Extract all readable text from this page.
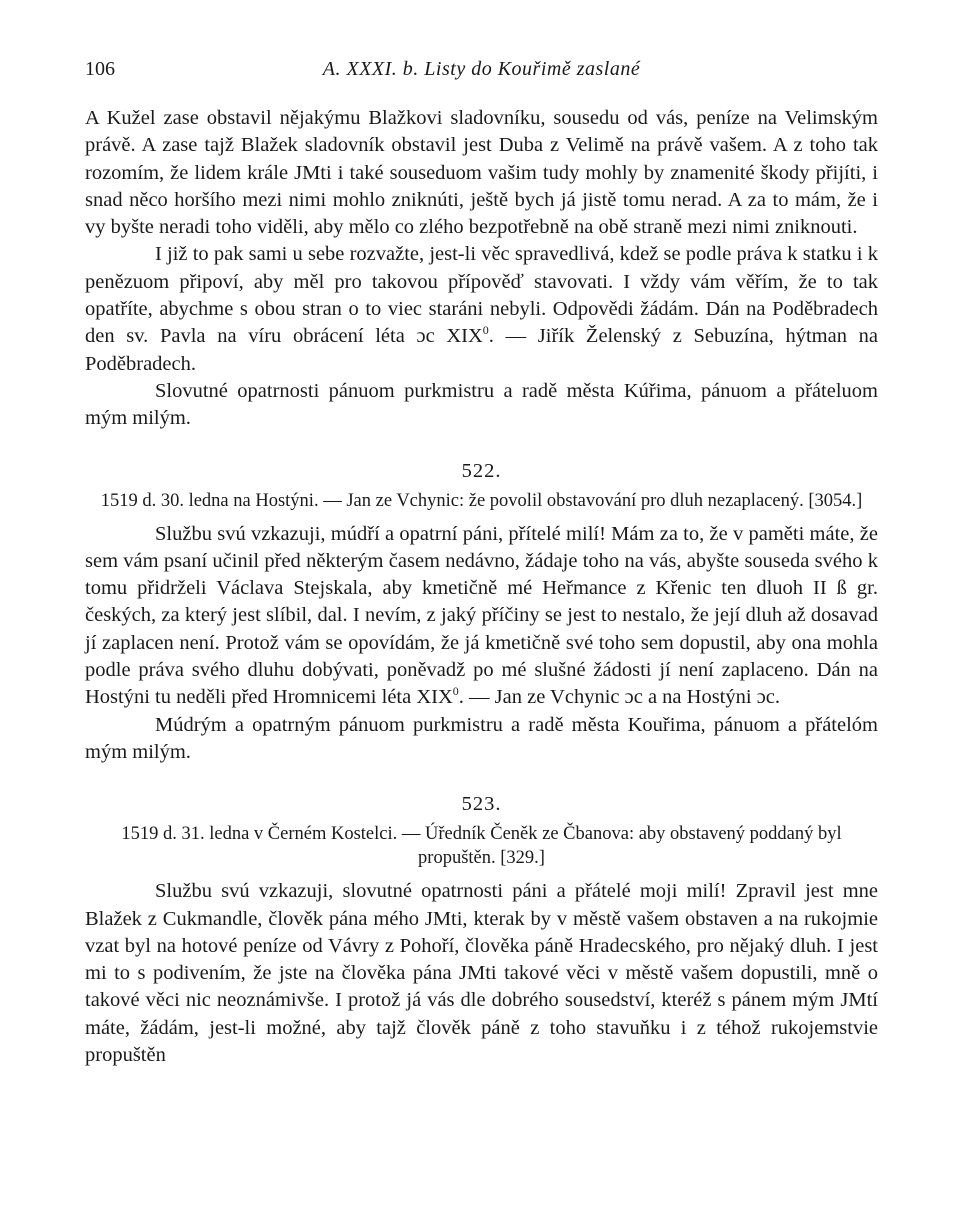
106	A. XXXI. b. Listy do Kouřimě zaslané

A Kužel zase obstavil nějakýmu Blažkovi sladovníku, sousedu od vás, peníze na Velimským právě. A zase tajž Blažek sladovník obstavil jest Duba z Velimě na právě vašem. A z toho tak rozomím, že lidem krále JMti i také souseduom vašim tudy mohly by znamenité škody přijíti, i snad něco horšího mezi nimi mohlo zniknúti, ještě bych já jistě tomu nerad. A za to mám, že i vy byšte neradi toho viděli, aby mělo co zlého bezpotřebně na obě straně mezi nimi zniknouti.

I již to pak sami u sebe rozvažte, jest-li věc spravedlivá, kdež se podle práva k statku i k penězuom připoví, aby měl pro takovou přípověď stavovati. I vždy vám věřím, že to tak opatříte, abychme s obou stran o to viec staráni nebyli. Odpovědi žádám. Dán na Poděbradech den sv. Pavla na víru obrácení léta ɔc XIX$^0$. — Jiřík Želenský z Sebuzína, hýtman na Poděbradech.

Slovutné opatrnosti pánuom purkmistru a radě města Kúřima, pánuom a přáteluom mým milým.

522.
1519 d. 30. ledna na Hostýni. — Jan ze Vchynic: že povolil obstavování pro dluh nezaplacený. [3054.]

Službu svú vzkazuji, múdří a opatrní páni, přítelé milí! Mám za to, že v paměti máte, že sem vám psaní učinil před některým časem nedávno, žádaje toho na vás, abyšte souseda svého k tomu přidrželi Václava Stejskala, aby kmetičně mé Heřmance z Křenic ten dluoh II ß gr. českých, za který jest slíbil, dal. I nevím, z jaký příčiny se jest to nestalo, že její dluh až dosavad jí zaplacen není. Protož vám se opovídám, že já kmetičně své toho sem dopustil, aby ona mohla podle práva svého dluhu dobývati, poněvadž po mé slušné žádosti jí není zaplaceno. Dán na Hostýni tu neděli před Hromnicemi léta XIX$^0$. — Jan ze Vchynic ɔc a na Hostýni ɔc.

Múdrým a opatrným pánuom purkmistru a radě města Kouřima, pánuom a přátelóm mým milým.

523.
1519 d. 31. ledna v Černém Kostelci. — Úředník Čeněk ze Čbanova: aby obstavený poddaný byl propuštěn. [329.]

Službu svú vzkazuji, slovutné opatrnosti páni a přátelé moji milí! Zpravil jest mne Blažek z Cukmandle, člověk pána mého JMti, kterak by v městě vašem obstaven a na rukojmie vzat byl na hotové peníze od Vávry z Pohoří, člověka páně Hradecského, pro nějaký dluh. I jest mi to s podivením, že jste na člověka pána JMti takové věci v městě vašem dopustili, mně o takové věci nic neoznámivše. I protož já vás dle dobrého sousedství, kteréž s pánem mým JMtí máte, žádám, jest-li možné, aby tajž člověk páně z toho stavuňku i z téhož rukojemstvie propuštěn
